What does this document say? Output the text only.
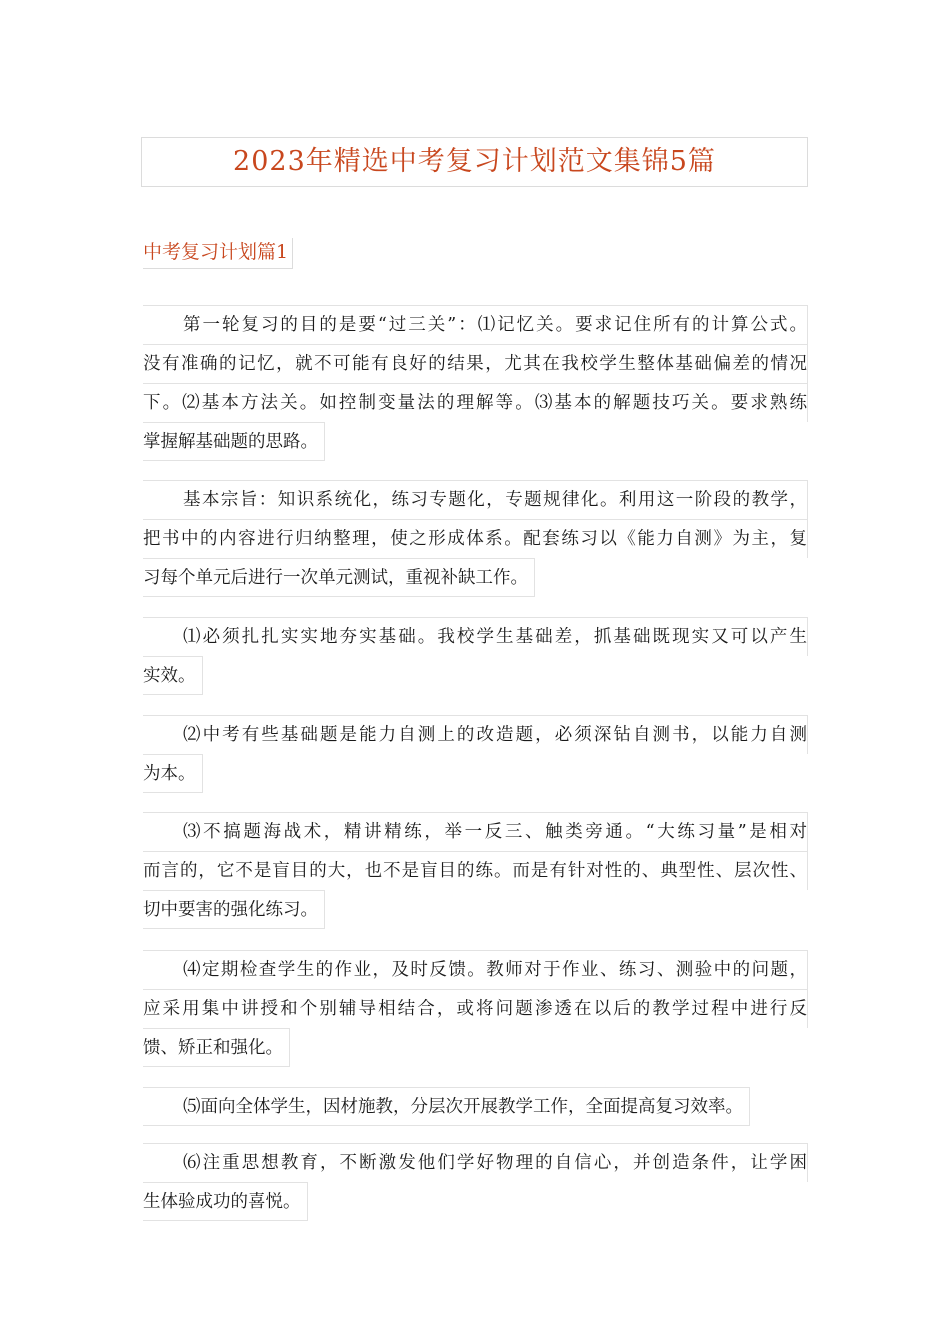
2023年精选中考复习计划范文集锦5篇
中考复习计划篇1
第一轮复习的目的是要“过三关”：⑴记忆关。要求记住所有的计算公式。
没有准确的记忆，就不可能有良好的结果，尤其在我校学生整体基础偏差的情况
下。⑵基本方法关。如控制变量法的理解等。⑶基本的解题技巧关。要求熟练
掌握解基础题的思路。
基本宗旨：知识系统化，练习专题化，专题规律化。利用这一阶段的教学，
把书中的内容进行归纳整理，使之形成体系。配套练习以《能力自测》为主，复
习每个单元后进行一次单元测试，重视补缺工作。
⑴必须扎扎实实地夯实基础。我校学生基础差，抓基础既现实又可以产生
实效。
⑵中考有些基础题是能力自测上的改造题，必须深钻自测书，以能力自测
为本。
⑶不搞题海战术，精讲精练，举一反三、触类旁通。“大练习量”是相对
而言的，它不是盲目的大，也不是盲目的练。而是有针对性的、典型性、层次性、
切中要害的强化练习。
⑷定期检查学生的作业，及时反馈。教师对于作业、练习、测验中的问题，
应采用集中讲授和个别辅导相结合，或将问题渗透在以后的教学过程中进行反
馈、矫正和强化。
⑸面向全体学生，因材施教，分层次开展教学工作，全面提高复习效率。
⑹注重思想教育，不断激发他们学好物理的自信心，并创造条件，让学困
生体验成功的喜悦。
